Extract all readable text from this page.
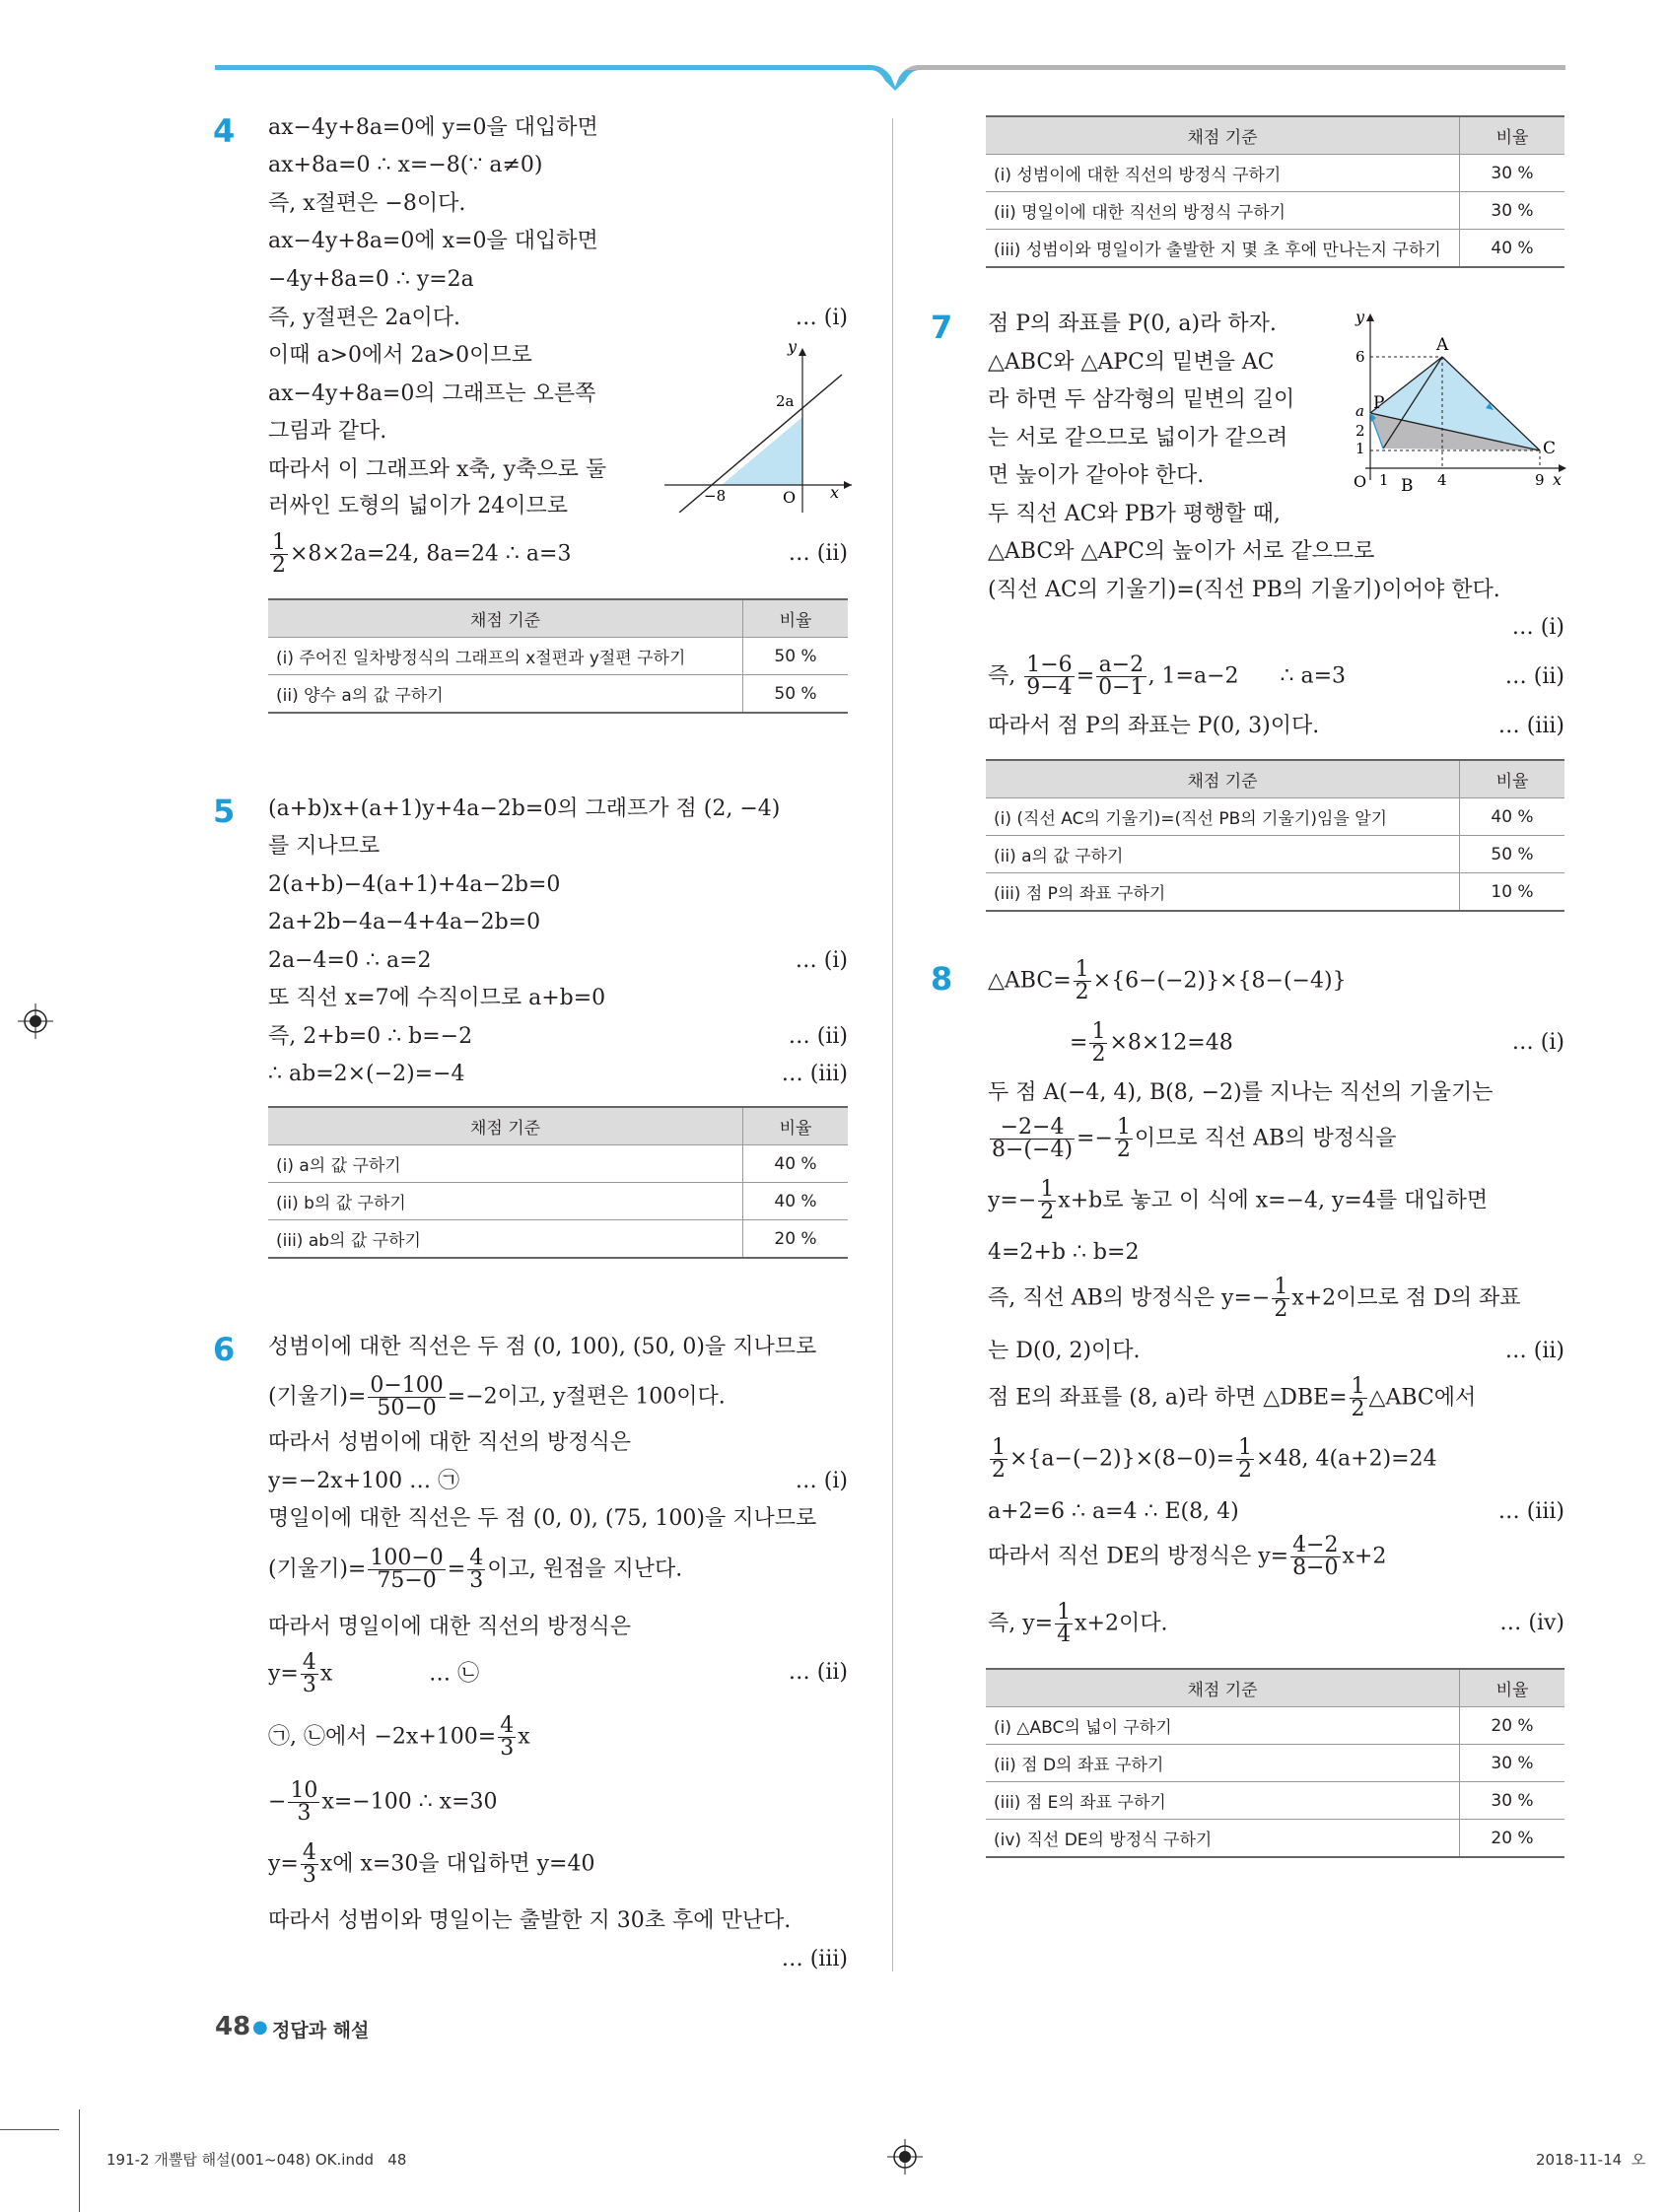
4 ax−4y+8a=0에 y=0을 대입하면
ax+8a=0 ∴ x=−8(∵ a≠0)
즉, x절편은 −8이다.
ax−4y+8a=0에 x=0을 대입하면
−4y+8a=0 ∴ y=2a
즉, y절편은 2a이다.	… (i)
이때 a>0에서 2a>0이므로
ax−4y+8a=0의 그래프는 오른쪽
그림과 같다.
따라서 이 그래프와 x축, y축으로 둘
러싸인 도형의 넓이가 24이므로
$\frac{1}{2} \times 8\times 2a=24$, 8a=24 ∴ a=3	… (ii)
y
x
O
−8
2a
채점 기준	비율
(i) 주어진 일차방정식의 그래프의 x절편과 y절편 구하기	50 %
(ii) 양수 a의 값 구하기	50 %
5 (a+b)x+(a+1)y+4a−2b=0의 그래프가 점 (2, −4)
를 지나므로
2(a+b)−4(a+1)+4a−2b=0
2a+2b−4a−4+4a−2b=0
2a−4=0 ∴ a=2	… (i)
또 직선 x=7에 수직이므로 a+b=0
즉, 2+b=0 ∴ b=−2	… (ii)
∴ ab=2×(−2)=−4	… (iii)
채점 기준	비율
(i) a의 값 구하기	40 %
(ii) b의 값 구하기	40 %
(iii) ab의 값 구하기	20 %
6 성범이에 대한 직선은 두 점 (0, 100), (50, 0)을 지나므로
(기울기)= $\frac{0-100}{50-0} =-2$이고, y절편은 100이다.
따라서 성범이에 대한 직선의 방정식은
y=−2x+100 … ㉠	… (i)
명일이에 대한 직선은 두 점 (0, 0), (75, 100)을 지나므로
(기울기)= $\frac{100-0}{75-0} = \frac{4}{3}$ 이고, 원점을 지난다.
따라서 명일이에 대한 직선의 방정식은
$y= \frac{4}{3}$ x              … ㉡	… (ii)
㉠, ㉡에서 $-2x+100= \frac{4}{3}$ x
− $\frac{10}{3} x=-100$ ∴ x=30
$y= \frac{4}{3}$ x에 x=30을 대입하면 y=40
따라서 성범이와 명일이는 출발한 지 30초 후에 만난다.
… (iii)
채점 기준	비율
(i) 성범이에 대한 직선의 방정식 구하기	30 %
(ii) 명일이에 대한 직선의 방정식 구하기	30 %
(iii) 성범이와 명일이가 출발한 지 몇 초 후에 만나는지 구하기	40 %
7 점 P의 좌표를 P(0, a)라 하자.
△ABC와 △APC의 밑변을 AC
라 하면 두 삼각형의 밑변의 길이
는 서로 같으므로 넓이가 같으려
면 높이가 같아야 한다.
두 직선 AC와 PB가 평행할 때,
△ABC와 △APC의 높이가 서로 같으므로
(직선 AC의 기울기)=(직선 PB의 기울기)이어야 한다.
… (i)
즉, $\frac{1-6}{9-4} = \frac{a-2}{0-1}$ , 1=a−2      ∴ a=3	… (ii)
따라서 점 P의 좌표는 P(0, 3)이다.	… (iii)
y
x
O
A
P
B
C
6
a
2
1
1	4	9
채점 기준	비율
(i) (직선 AC의 기울기)=(직선 PB의 기울기)임을 알기	40 %
(ii) a의 값 구하기	50 %
(iii) 점 P의 좌표 구하기	10 %
8 △ABC= $\frac{1}{2} \times\{6-(-2)\}\times\{8-(-4)\}$
= $\frac{1}{2} \times 8\times 12=48$	… (i)
두 점 A(−4, 4), B(8, −2)를 지나는 직선의 기울기는
$\frac{-2-4}{8-(-4)} =- \frac{1}{2}$ 이므로 직선 AB의 방정식을
$y=- \frac{1}{2} x+b$로 놓고 이 식에 x=−4, y=4를 대입하면
4=2+b ∴ b=2
즉, 직선 AB의 방정식은 $y=- \frac{1}{2} x+2$이므로 점 D의 좌표
는 D(0, 2)이다.	… (ii)
점 E의 좌표를 (8, a)라 하면 △DBE= $\frac{1}{2}$ △ABC에서
$\frac{1}{2} \times\{a-(-2)\}\times(8-0)= \frac{1}{2} \times 48$, 4(a+2)=24
a+2=6 ∴ a=4 ∴ E(8, 4)	… (iii)
따라서 직선 DE의 방정식은 $y= \frac{4-2}{8-0} x+2$
즉, $y= \frac{1}{4} x+2$이다.	… (iv)
채점 기준	비율
(i) △ABC의 넓이 구하기	20 %
(ii) 점 D의 좌표 구하기	30 %
(iii) 점 E의 좌표 구하기	30 %
(iv) 직선 DE의 방정식 구하기	20 %
48 ● 정답과 해설
191-2 개뿔탑 해설(001~048) OK.indd   48	2018-11-14  오
